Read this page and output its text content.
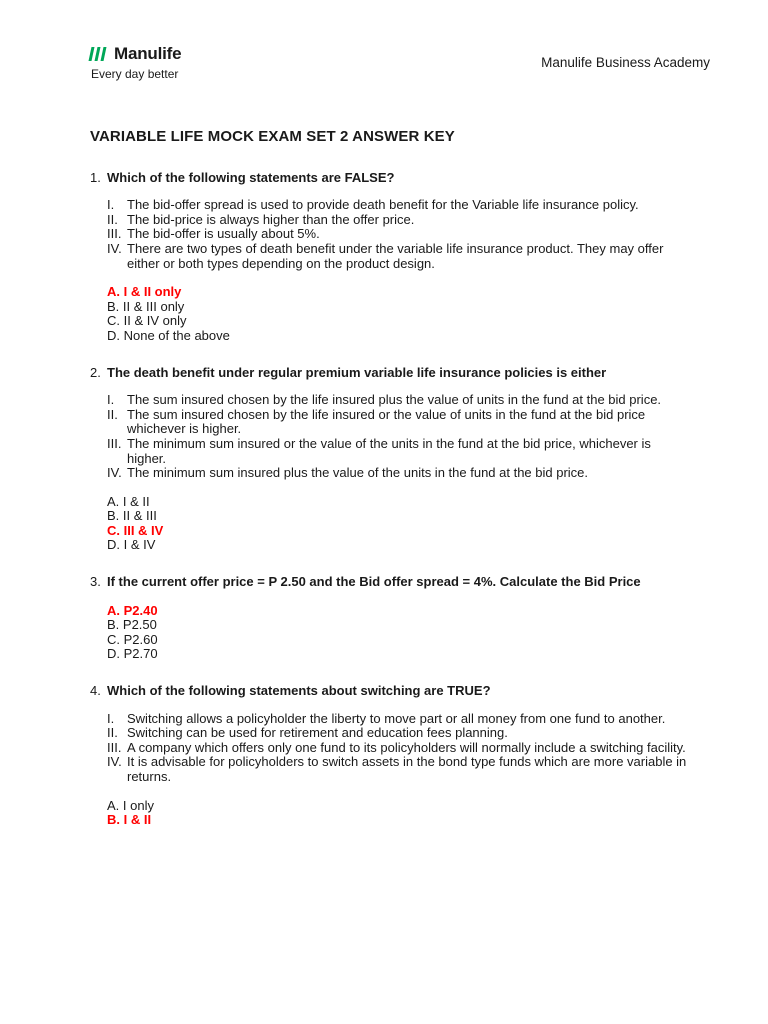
Manulife
Every day better
Manulife Business Academy
VARIABLE LIFE MOCK EXAM SET 2 ANSWER KEY
1. Which of the following statements are FALSE?
I. The bid-offer spread is used to provide death benefit for the Variable life insurance policy.
II. The bid-price is always higher than the offer price.
III. The bid-offer is usually about 5%.
IV. There are two types of death benefit under the variable life insurance product. They may offer either or both types depending on the product design.
A. I & II only
B. II & III only
C. II & IV only
D. None of the above
2. The death benefit under regular premium variable life insurance policies is either
I. The sum insured chosen by the life insured plus the value of units in the fund at the bid price.
II. The sum insured chosen by the life insured or the value of units in the fund at the bid price whichever is higher.
III. The minimum sum insured or the value of the units in the fund at the bid price, whichever is higher.
IV. The minimum sum insured plus the value of the units in the fund at the bid price.
A. I & II
B. II & III
C. III & IV
D. I & IV
3. If the current offer price = P 2.50 and the Bid offer spread = 4%. Calculate the Bid Price
A. P2.40
B. P2.50
C. P2.60
D. P2.70
4. Which of the following statements about switching are TRUE?
I. Switching allows a policyholder the liberty to move part or all money from one fund to another.
II. Switching can be used for retirement and education fees planning.
III. A company which offers only one fund to its policyholders will normally include a switching facility.
IV. It is advisable for policyholders to switch assets in the bond type funds which are more variable in returns.
A. I only
B. I & II
